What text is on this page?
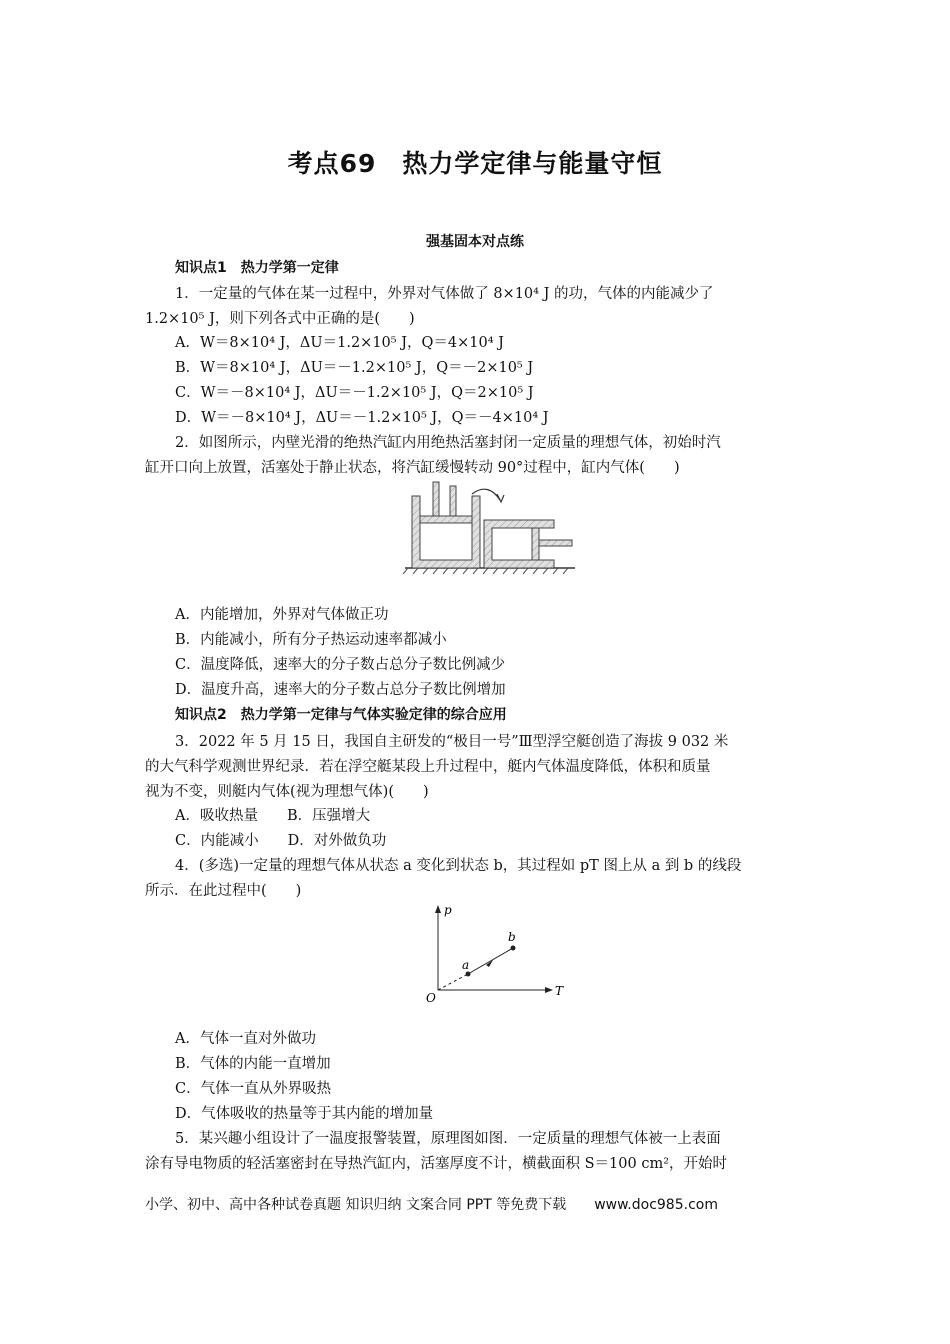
考点69　热力学定律与能量守恒
强基固本对点练
知识点1　热力学第一定律
1．一定量的气体在某一过程中，外界对气体做了 8×10⁴ J 的功，气体的内能减少了
1.2×10⁵ J，则下列各式中正确的是(　　)
A．W＝8×10⁴ J，ΔU＝1.2×10⁵ J，Q＝4×10⁴ J
B．W＝8×10⁴ J，ΔU＝－1.2×10⁵ J，Q＝－2×10⁵ J
C．W＝－8×10⁴ J，ΔU＝－1.2×10⁵ J，Q＝2×10⁵ J
D．W＝－8×10⁴ J，ΔU＝－1.2×10⁵ J，Q＝－4×10⁴ J
2．如图所示，内壁光滑的绝热汽缸内用绝热活塞封闭一定质量的理想气体，初始时汽
缸开口向上放置，活塞处于静止状态，将汽缸缓慢转动 90°过程中，缸内气体(　　)
A．内能增加，外界对气体做正功
B．内能减小，所有分子热运动速率都减小
C．温度降低，速率大的分子数占总分子数比例减少
D．温度升高，速率大的分子数占总分子数比例增加
知识点2　热力学第一定律与气体实验定律的综合应用
3．2022 年 5 月 15 日，我国自主研发的“极目一号”Ⅲ型浮空艇创造了海拔 9 032 米
的大气科学观测世界纪录．若在浮空艇某段上升过程中，艇内气体温度降低，体积和质量
视为不变，则艇内气体(视为理想气体)(　　)
A．吸收热量　　B．压强增大
C．内能减小　　D．对外做负功
4．(多选)一定量的理想气体从状态 a 变化到状态 b，其过程如 pT 图上从 a 到 b 的线段
所示．在此过程中(　　)
p
T
O
a
b
A．气体一直对外做功
B．气体的内能一直增加
C．气体一直从外界吸热
D．气体吸收的热量等于其内能的增加量
5．某兴趣小组设计了一温度报警装置，原理图如图．一定质量的理想气体被一上表面
涂有导电物质的轻活塞密封在导热汽缸内，活塞厚度不计，横截面积 S＝100 cm²，开始时
小学、初中、高中各种试卷真题 知识归纳 文案合同 PPT 等免费下载　　www.doc985.com
